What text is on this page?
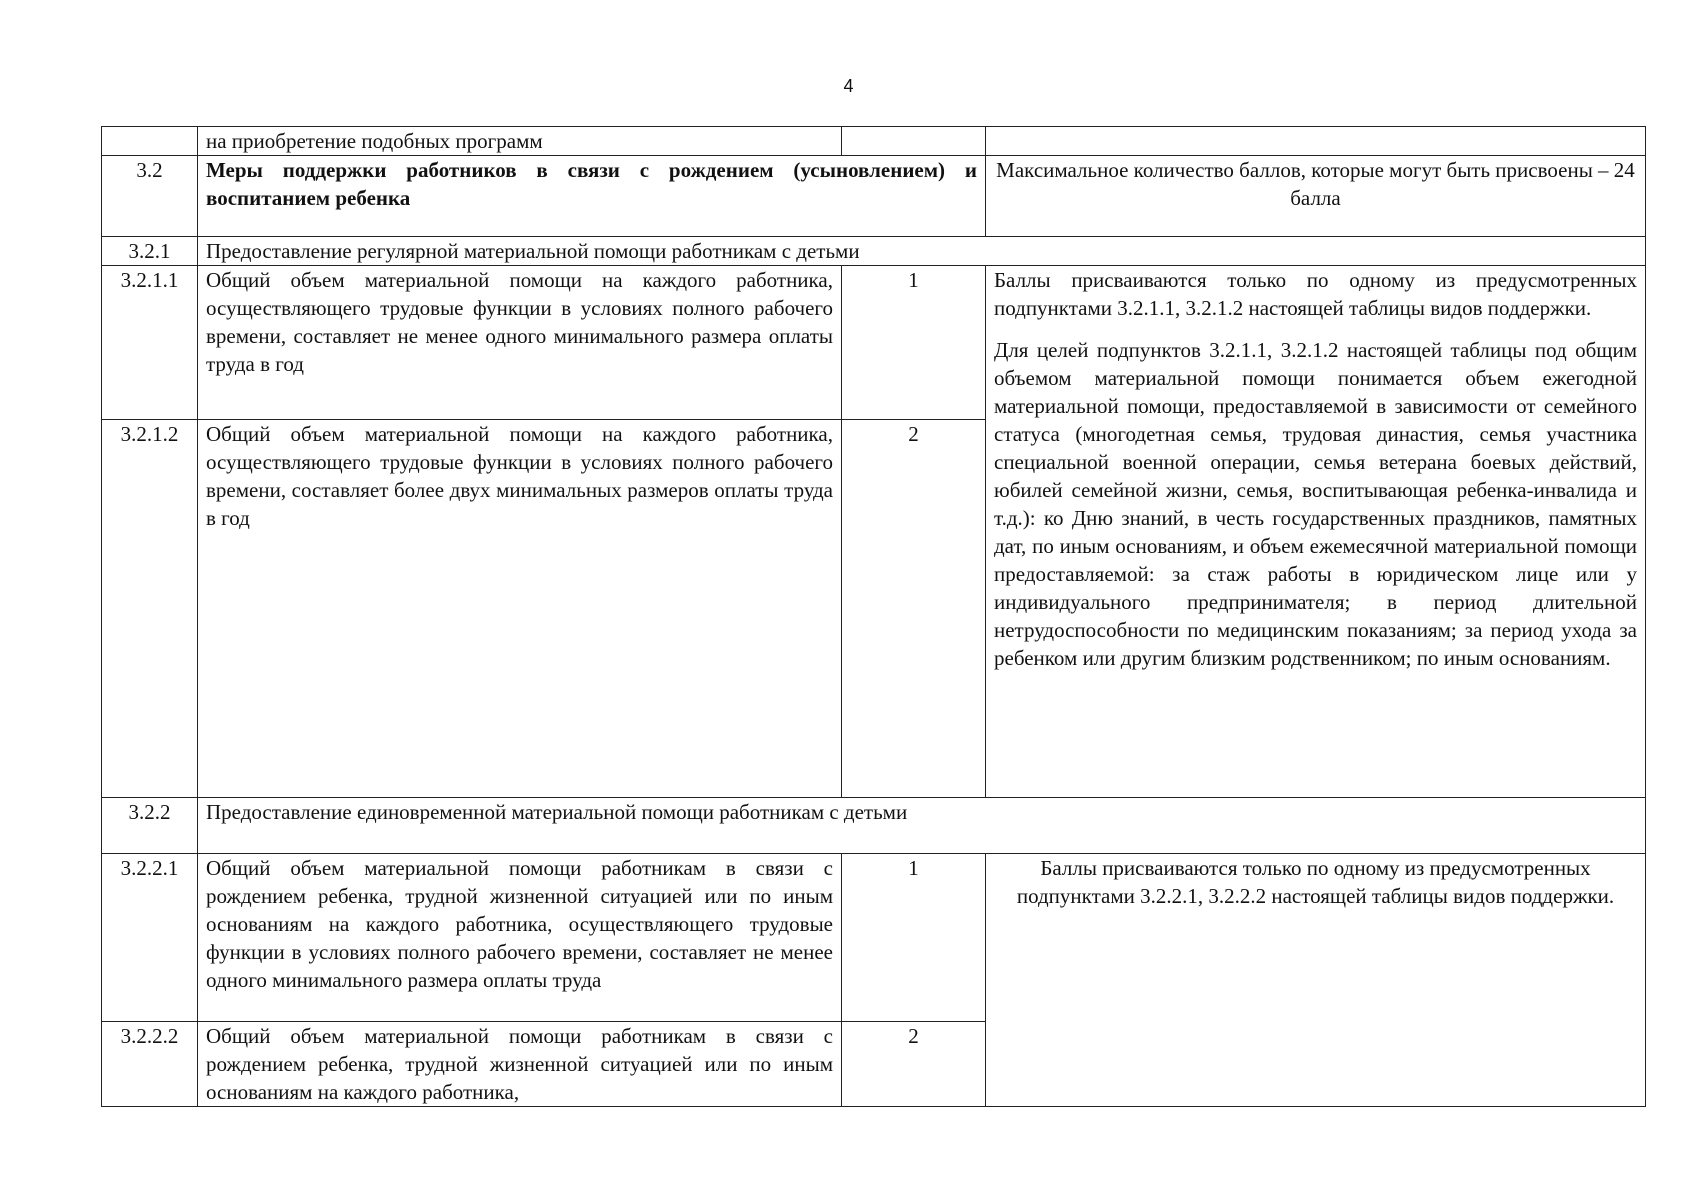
4
	на приобретение подобных программ		
3.2	Меры поддержки работников в связи с рождением (усыновлением) и воспитанием ребенка		Максимальное количество баллов, которые могут быть присвоены – 24 балла
3.2.1	Предоставление регулярной материальной помощи работникам с детьми		
3.2.1.1	Общий объем материальной помощи на каждого работника, осуществляющего трудовые функции в условиях полного рабочего времени, составляет не менее одного минимального размера оплаты труда в год	1	Баллы присваиваются только по одному из предусмотренных подпунктами 3.2.1.1, 3.2.1.2 настоящей таблицы видов поддержки.
Для целей подпунктов 3.2.1.1, 3.2.1.2 настоящей таблицы под общим объемом материальной помощи понимается объем ежегодной материальной помощи, предоставляемой в зависимости от семейного статуса (многодетная семья, трудовая династия, семья участника специальной военной операции, семья ветерана боевых действий, юбилей семейной жизни, семья, воспитывающая ребенка-инвалида и т.д.): ко Дню знаний, в честь государственных праздников, памятных дат, по иным основаниям, и объем ежемесячной материальной помощи предоставляемой: за стаж работы в юридическом лице или у индивидуального предпринимателя; в период длительной нетрудоспособности по медицинским показаниям; за период ухода за ребенком или другим близким родственником; по иным основаниям.

3.2.1.2	Общий объем материальной помощи на каждого работника, осуществляющего трудовые функции в условиях полного рабочего времени, составляет более двух минимальных размеров оплаты труда в год	2	
3.2.2	Предоставление единовременной материальной помощи работникам с детьми		
3.2.2.1	Общий объем материальной помощи работникам в связи с рождением ребенка, трудной жизненной ситуацией или по иным основаниям на каждого работника, осуществляющего трудовые функции в условиях полного рабочего времени, составляет не менее одного минимального размера оплаты труда	1	Баллы присваиваются только по одному из предусмотренных подпунктами 3.2.2.1, 3.2.2.2 настоящей таблицы видов поддержки.
3.2.2.2	Общий объем материальной помощи работникам в связи с рождением ребенка, трудной жизненной ситуацией или по иным основаниям на каждого работника,	2	
